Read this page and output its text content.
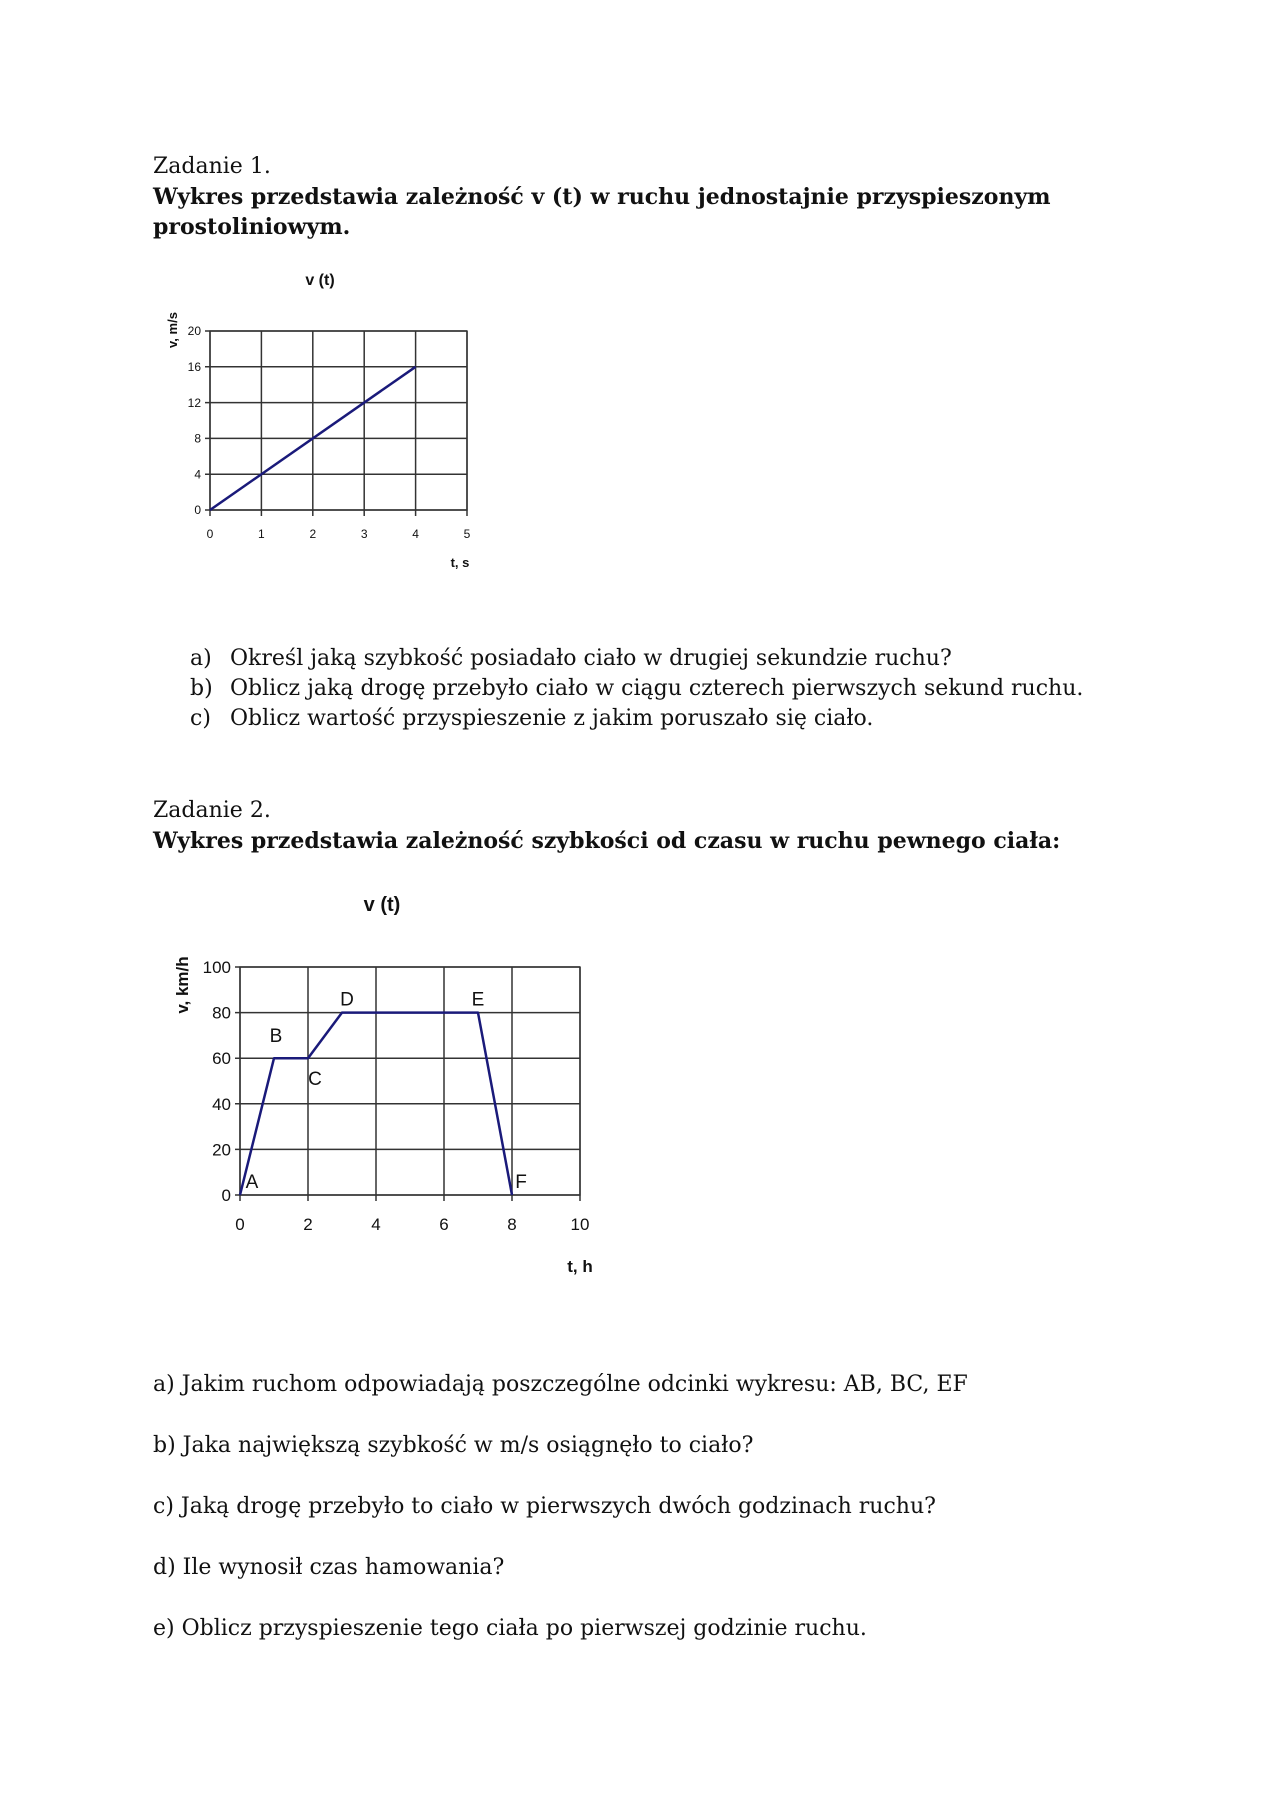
Zadanie 1.
Wykres przedstawia zależność v (t) w ruchu jednostajnie przyspieszonym prostoliniowym.
0	1	2	3	4	5
0
4
8
12
16
20
v (t)
t, s
v, m/s
a) Określ jaką szybkość posiadało ciało w drugiej sekundzie ruchu?
b) Oblicz jaką drogę przebyło ciało w ciągu czterech pierwszych sekund ruchu.
c) Oblicz wartość przyspieszenie z jakim poruszało się ciało.
Zadanie 2.
Wykres przedstawia zależność szybkości od czasu w ruchu pewnego ciała:
0	2	4	6	8	10
0
20
40
60
80
100
v (t)
t, h
v, km/h
A
B
C
D	E
F
a) Jakim ruchom odpowiadają poszczególne odcinki wykresu: AB, BC, EF
b) Jaka największą szybkość w m/s osiągnęło to ciało?
c) Jaką drogę przebyło to ciało w pierwszych dwóch godzinach ruchu?
d) Ile wynosił czas hamowania?
e) Oblicz przyspieszenie tego ciała po pierwszej godzinie ruchu.
